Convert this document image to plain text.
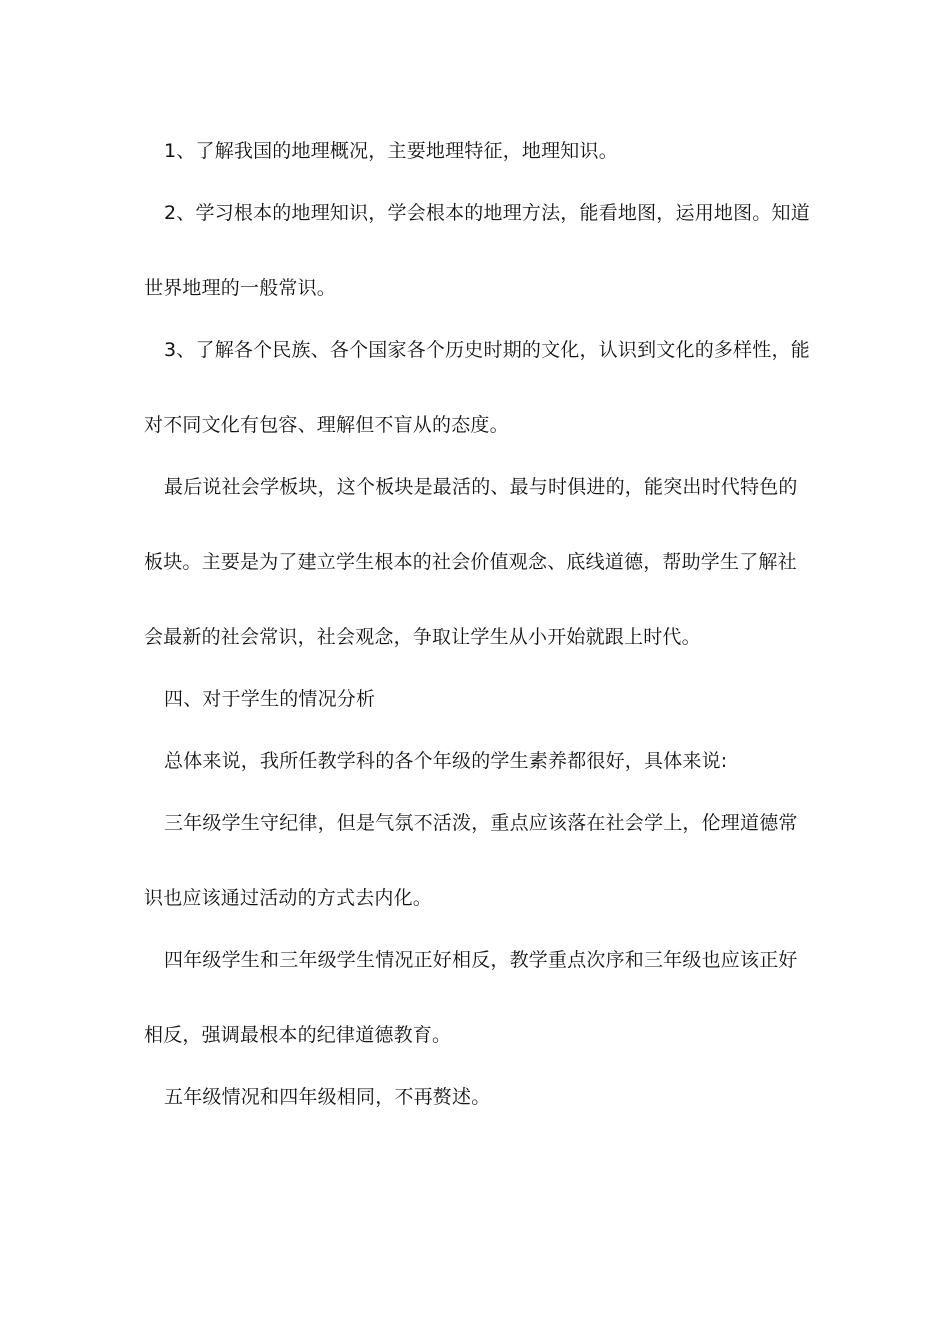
1、了解我国的地理概况，主要地理特征，地理知识。
2、学习根本的地理知识，学会根本的地理方法，能看地图，运用地图。知道
世界地理的一般常识。
3、了解各个民族、各个国家各个历史时期的文化，认识到文化的多样性，能
对不同文化有包容、理解但不盲从的态度。
最后说社会学板块，这个板块是最活的、最与时俱进的，能突出时代特色的
板块。主要是为了建立学生根本的社会价值观念、底线道德，帮助学生了解社
会最新的社会常识，社会观念，争取让学生从小开始就跟上时代。
四、对于学生的情况分析
总体来说，我所任教学科的各个年级的学生素养都很好，具体来说:
三年级学生守纪律，但是气氛不活泼，重点应该落在社会学上，伦理道德常
识也应该通过活动的方式去内化。
四年级学生和三年级学生情况正好相反，教学重点次序和三年级也应该正好
相反，强调最根本的纪律道德教育。
五年级情况和四年级相同，不再赘述。
